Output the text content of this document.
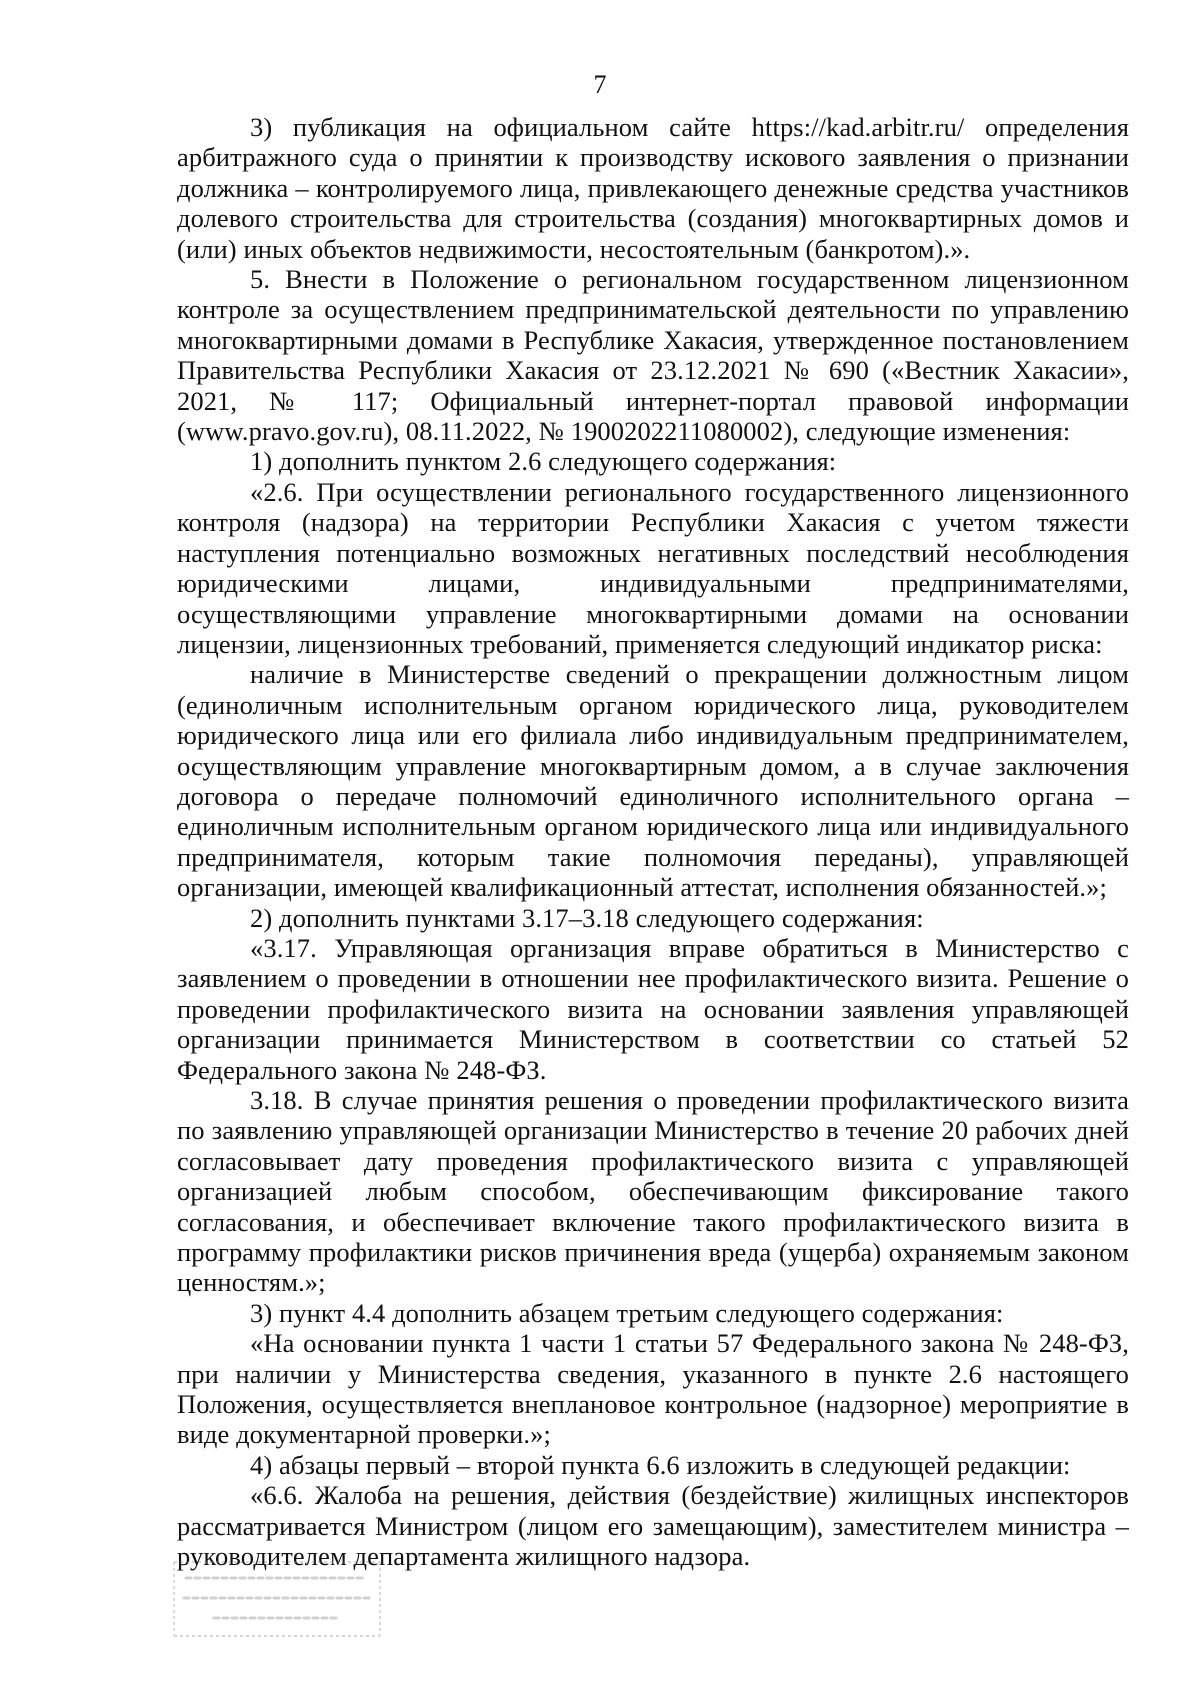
7

3) публикация на официальном сайте https://kad.arbitr.ru/ определения арбитражного суда о принятии к производству искового заявления о признании должника – контролируемого лица, привлекающего денежные средства участников долевого строительства для строительства (создания) многоквартирных домов и (или) иных объектов недвижимости, несостоятельным (банкротом).».

5. Внести в Положение о региональном государственном лицензионном контроле за осуществлением предпринимательской деятельности по управлению многоквартирными домами в Республике Хакасия, утвержденное постановлением Правительства Республики Хакасия от 23.12.2021 № 690 («Вестник Хакасии», 2021, № 117; Официальный интернет-портал правовой информации (www.pravo.gov.ru), 08.11.2022, № 1900202211080002), следующие изменения:

1) дополнить пунктом 2.6 следующего содержания:

«2.6. При осуществлении регионального государственного лицензионного контроля (надзора) на территории Республики Хакасия с учетом тяжести наступления потенциально возможных негативных последствий несоблюдения юридическими лицами, индивидуальными предпринимателями, осуществляющими управление многоквартирными домами на основании лицензии, лицензионных требований, применяется следующий индикатор риска:

наличие в Министерстве сведений о прекращении должностным лицом (единоличным исполнительным органом юридического лица, руководителем юридического лица или его филиала либо индивидуальным предпринимателем, осуществляющим управление многоквартирным домом, а в случае заключения договора о передаче полномочий единоличного исполнительного органа – единоличным исполнительным органом юридического лица или индивидуального предпринимателя, которым такие полномочия переданы), управляющей организации, имеющей квалификационный аттестат, исполнения обязанностей.»;

2) дополнить пунктами 3.17–3.18 следующего содержания:

«3.17. Управляющая организация вправе обратиться в Министерство с заявлением о проведении в отношении нее профилактического визита. Решение о проведении профилактического визита на основании заявления управляющей организации принимается Министерством в соответствии со статьей 52 Федерального закона № 248-ФЗ.

3.18. В случае принятия решения о проведении профилактического визита по заявлению управляющей организации Министерство в течение 20 рабочих дней согласовывает дату проведения профилактического визита с управляющей организацией любым способом, обеспечивающим фиксирование такого согласования, и обеспечивает включение такого профилактического визита в программу профилактики рисков причинения вреда (ущерба) охраняемым законом ценностям.»;

3) пункт 4.4 дополнить абзацем третьим следующего содержания:

«На основании пункта 1 части 1 статьи 57 Федерального закона № 248-ФЗ, при наличии у Министерства сведения, указанного в пункте 2.6 настоящего Положения, осуществляется внеплановое контрольное (надзорное) мероприятие в виде документарной проверки.»;

4) абзацы первый – второй пункта 6.6 изложить в следующей редакции:

«6.6. Жалоба на решения, действия (бездействие) жилищных инспекторов рассматривается Министром (лицом его замещающим), заместителем министра – руководителем департамента жилищного надзора.
